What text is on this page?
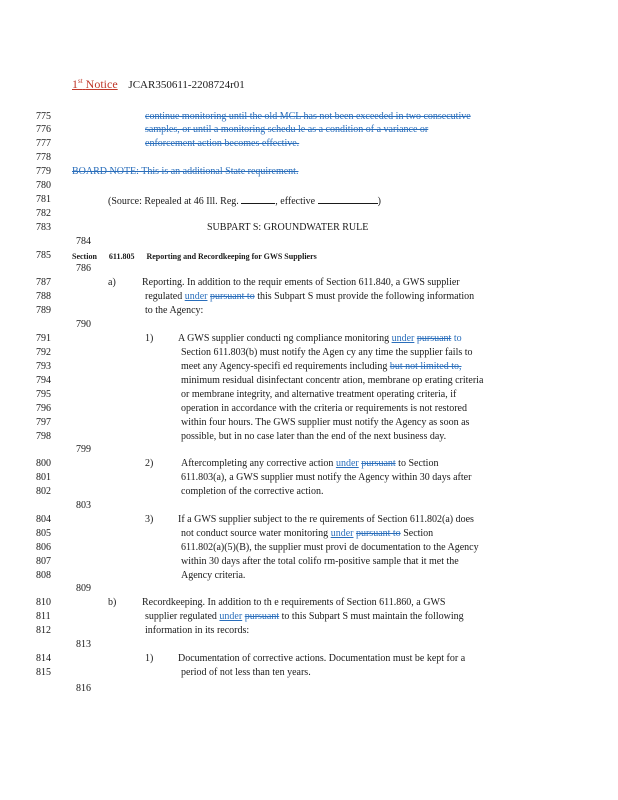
1st Notice JCAR350611-2208724r01
775	continue monitoring until the old MCL has not been exceeded in two consecutive
776	samples, or until a monitoring schedu le as a condition of a variance or
777	enforcement action becomes effective.
778
779	BOARD NOTE: This is an additional State requirement.
780
781	(Source: Repealed at 46 Ill. Reg.	, effective	)
782
783	SUBPART S: GROUNDWATER RULE
784
785	Section 611.805 Reporting and Recordkeeping for GWS Suppliers
786
787	a)	Reporting. In addition to the requir ements of Section 611.840, a GWS supplier
788	regulated under pursuant to this Subpart S must provide the following information
789	to the Agency:
790
791	1) A GWS supplier conducti ng compliance monitoring under pursuant to
792	Section 611.803(b) must notify the Agen cy any time the supplier fails to
793	meet any Agency-specifi ed requirements including but not limited to,
794	minimum residual disinfectant concentr ation, membrane op erating criteria
795	or membrane integrity, and alternative treatment operating criteria, if
796	operation in accordance with the criteria or requirements is not restored
797	within four hours. The GWS supplier must notify the Agency as soon as
798	possible, but in no case later than the end of the next business day.
799
800	2)	Aftercompleting any corrective action under pursuant to Section
801	611.803(a), a GWS supplier must notify the Agency within 30 days after
802	completion of the corrective action.
803
804	3) If a GWS supplier subject to the re quirements of Section 611.802(a) does
805	not conduct source water monitoring under pursuant to Section
806	611.802(a)(5)(B), the supplier must provi de documentation to the Agency
807	within 30 days after the total colifo rm-positive sample that it met the
808	Agency criteria.
809
810	b)	Recordkeeping. In addition to th e requirements of Section 611.860, a GWS
811	supplier regulated under pursuant to this Subpart S must maintain the following
812	information in its records:
813
814	1) Documentation of corrective actions. Documentation must be kept for a
815	period of not less than ten years.
816
